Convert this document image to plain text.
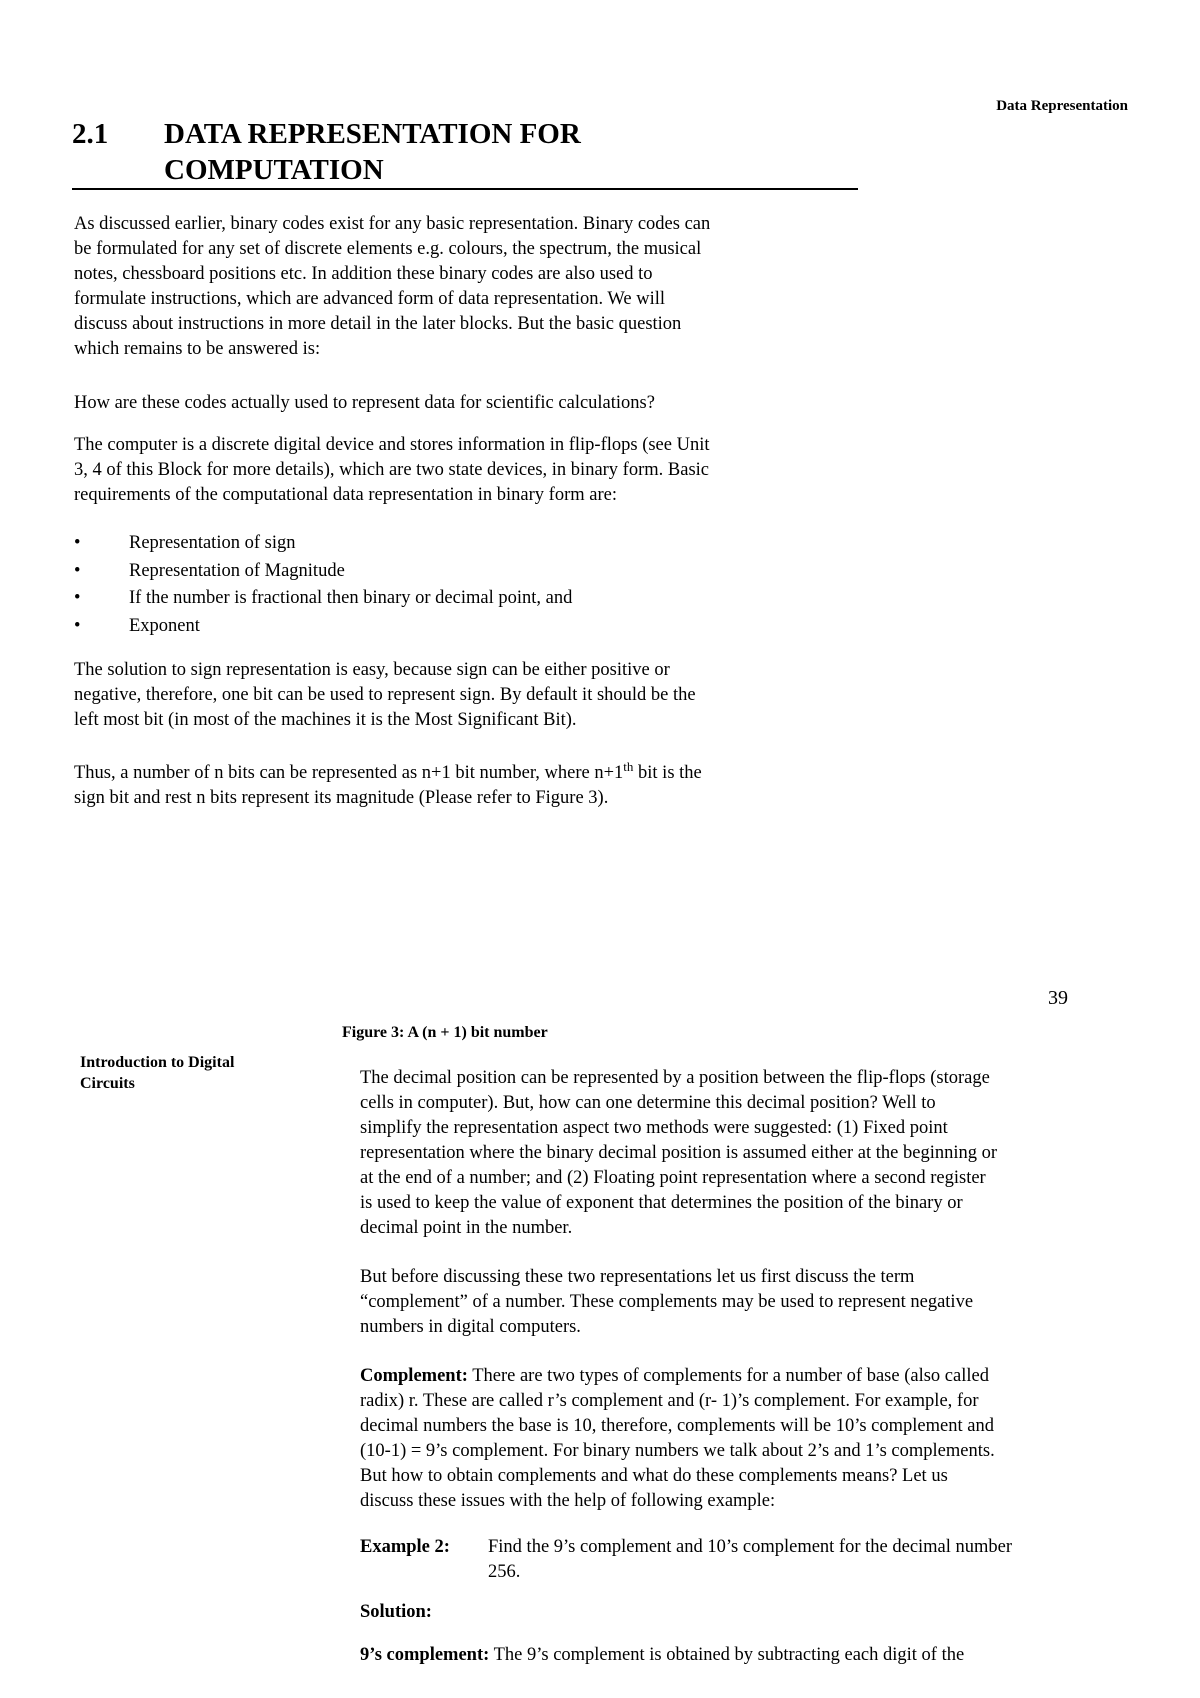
Data Representation
2.1 DATA REPRESENTATION FOR
COMPUTATION
As discussed earlier, binary codes exist for any basic representation. Binary codes can
be formulated for any set of discrete elements e.g. colours, the spectrum, the musical
notes, chessboard positions etc. In addition these binary codes are also used to
formulate instructions, which are advanced form of data representation. We will
discuss about instructions in more detail in the later blocks. But the basic question
which remains to be answered is:
How are these codes actually used to represent data for scientific calculations?
The computer is a discrete digital device and stores information in flip-flops (see Unit
3, 4 of this Block for more details), which are two state devices, in binary form. Basic
requirements of the computational data representation in binary form are:
•	Representation of sign
•	Representation of Magnitude
•	If the number is fractional then binary or decimal point, and
•	Exponent
The solution to sign representation is easy, because sign can be either positive or
negative, therefore, one bit can be used to represent sign. By default it should be the
left most bit (in most of the machines it is the Most Significant Bit).
Thus, a number of n bits can be represented as n+1 bit number, where n+1th bit is the
sign bit and rest n bits represent its magnitude (Please refer to Figure 3).
39
Figure 3: A (n + 1) bit number
Introduction to Digital
Circuits	The decimal position can be represented by a position between the flip-flops (storage
cells in computer). But, how can one determine this decimal position? Well to
simplify the representation aspect two methods were suggested: (1) Fixed point
representation where the binary decimal position is assumed either at the beginning or
at the end of a number; and (2) Floating point representation where a second register
is used to keep the value of exponent that determines the position of the binary or
decimal point in the number.
But before discussing these two representations let us first discuss the term
“complement” of a number. These complements may be used to represent negative
numbers in digital computers.
Complement: There are two types of complements for a number of base (also called
radix) r. These are called r’s complement and (r- 1)’s complement. For example, for
decimal numbers the base is 10, therefore, complements will be 10’s complement and
(10-1) = 9’s complement. For binary numbers we talk about 2’s and 1’s complements.
But how to obtain complements and what do these complements means? Let us
discuss these issues with the help of following example:
Example 2:	Find the 9’s complement and 10’s complement for the decimal number
256.
Solution:
9’s complement: The 9’s complement is obtained by subtracting each digit of the
